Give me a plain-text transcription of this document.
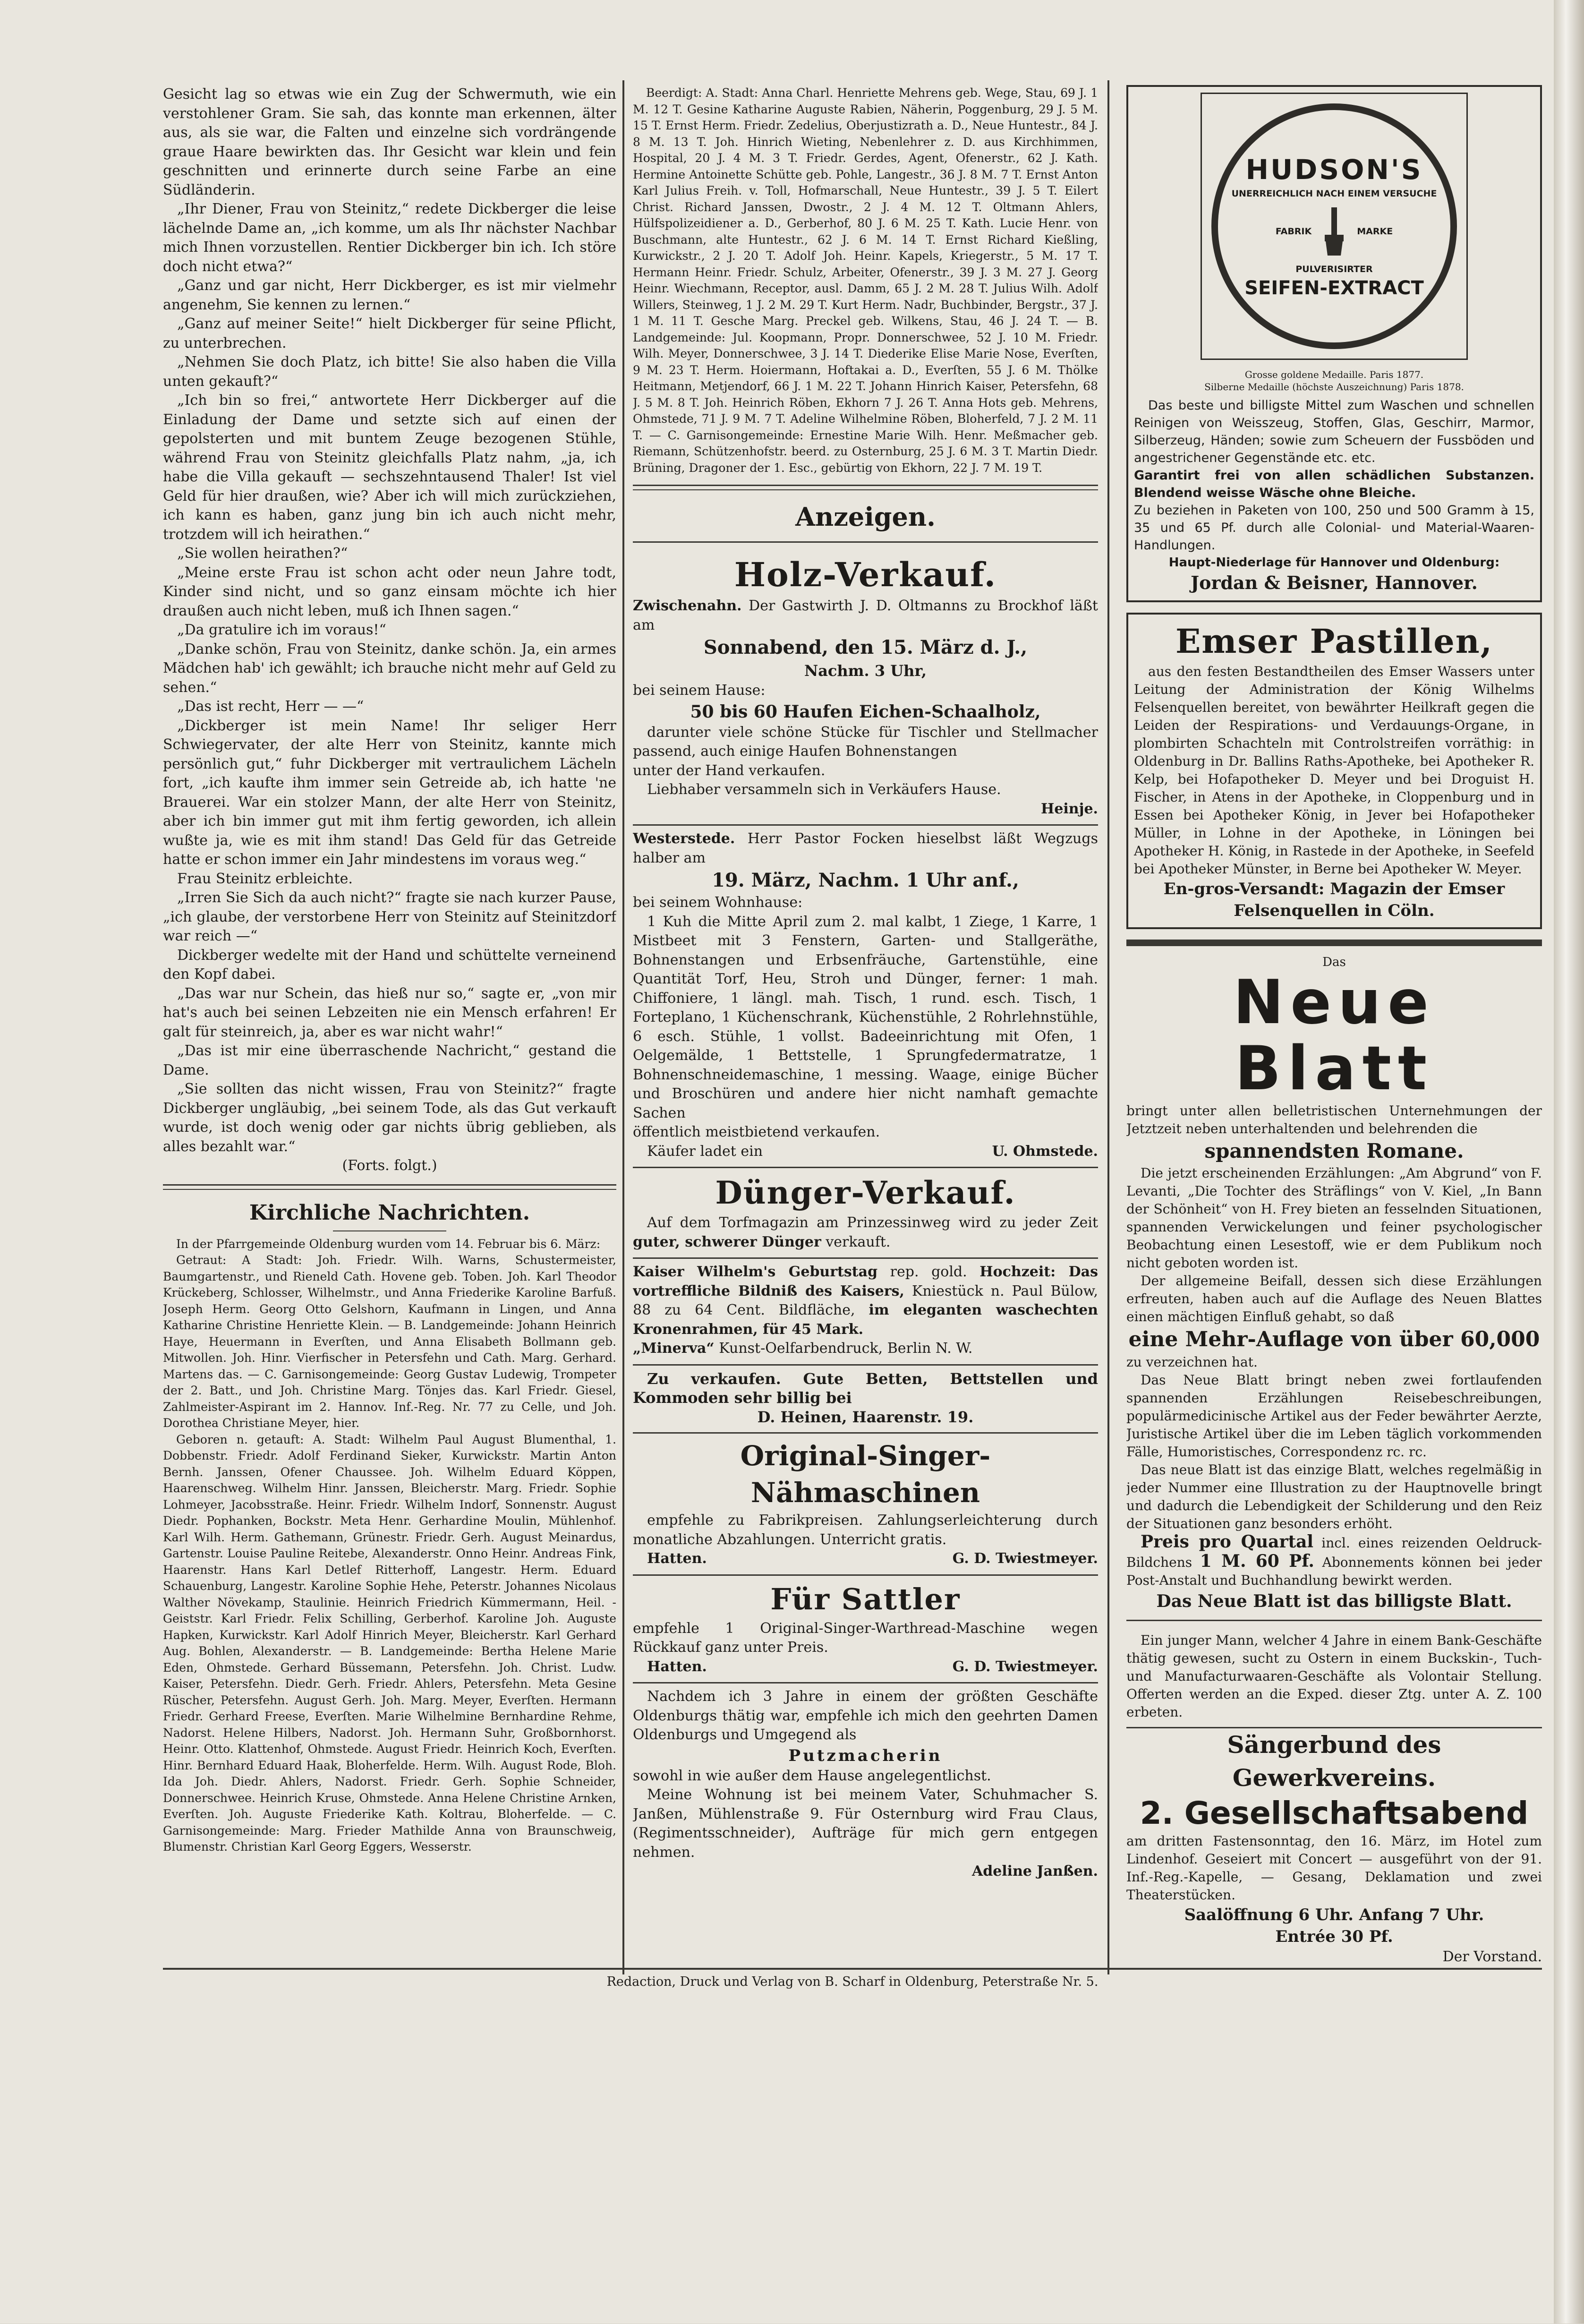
Gesicht lag so etwas wie ein Zug der Schwermuth, wie ein verstohlener Gram. Sie sah, das konnte man erkennen, älter aus, als sie war, die Falten und einzelne sich vordrängende graue Haare bewirkten das. Ihr Gesicht war klein und fein geschnitten und erinnerte durch seine Farbe an eine Südländerin.

„Ihr Diener, Frau von Steinitz,“ redete Dickberger die leise lächelnde Dame an, „ich komme, um als Ihr nächster Nachbar mich Ihnen vorzustellen. Rentier Dickberger bin ich. Ich störe doch nicht etwa?“

„Ganz und gar nicht, Herr Dickberger, es ist mir vielmehr angenehm, Sie kennen zu lernen.“

„Ganz auf meiner Seite!“ hielt Dickberger für seine Pflicht, zu unterbrechen.

„Nehmen Sie doch Platz, ich bitte! Sie also haben die Villa unten gekauft?“

„Ich bin so frei,“ antwortete Herr Dickberger auf die Einladung der Dame und setzte sich auf einen der gepolsterten und mit buntem Zeuge bezogenen Stühle, während Frau von Steinitz gleichfalls Platz nahm, „ja, ich habe die Villa gekauft — sechszehntausend Thaler! Ist viel Geld für hier draußen, wie? Aber ich will mich zurückziehen, ich kann es haben, ganz jung bin ich auch nicht mehr, trotzdem will ich heirathen.“

„Sie wollen heirathen?“

„Meine erste Frau ist schon acht oder neun Jahre todt, Kinder sind nicht, und so ganz einsam möchte ich hier draußen auch nicht leben, muß ich Ihnen sagen.“

„Da gratulire ich im voraus!“

„Danke schön, Frau von Steinitz, danke schön. Ja, ein armes Mädchen hab' ich gewählt; ich brauche nicht mehr auf Geld zu sehen.“

„Das ist recht, Herr — —“

„Dickberger ist mein Name! Ihr seliger Herr Schwiegervater, der alte Herr von Steinitz, kannte mich persönlich gut,“ fuhr Dickberger mit vertraulichem Lächeln fort, „ich kaufte ihm immer sein Getreide ab, ich hatte 'ne Brauerei. War ein stolzer Mann, der alte Herr von Steinitz, aber ich bin immer gut mit ihm fertig geworden, ich allein wußte ja, wie es mit ihm stand! Das Geld für das Getreide hatte er schon immer ein Jahr mindestens im voraus weg.“

Frau Steinitz erbleichte.

„Irren Sie Sich da auch nicht?“ fragte sie nach kurzer Pause, „ich glaube, der verstorbene Herr von Steinitz auf Steinitzdorf war reich —“

Dickberger wedelte mit der Hand und schüttelte verneinend den Kopf dabei.

„Das war nur Schein, das hieß nur so,“ sagte er, „von mir hat's auch bei seinen Lebzeiten nie ein Mensch erfahren! Er galt für steinreich, ja, aber es war nicht wahr!“

„Das ist mir eine überraschende Nachricht,“ gestand die Dame.

„Sie sollten das nicht wissen, Frau von Steinitz?“ fragte Dickberger ungläubig, „bei seinem Tode, als das Gut verkauft wurde, ist doch wenig oder gar nichts übrig geblieben, als alles bezahlt war.“

(Forts. folgt.)

Kirchliche Nachrichten.

In der Pfarrgemeinde Oldenburg wurden vom 14. Februar bis 6. März:

Getraut: A Stadt: Joh. Friedr. Wilh. Warns, Schustermeister, Baumgartenstr., und Rieneld Cath. Hovene geb. Toben. Joh. Karl Theodor Krückeberg, Schlosser, Wilhelmstr., und Anna Friederike Karoline Barfuß. Joseph Herm. Georg Otto Gelshorn, Kaufmann in Lingen, und Anna Katharine Christine Henriette Klein. — B. Landgemeinde: Johann Heinrich Haye, Heuermann in Everſten, und Anna Elisabeth Bollmann geb. Mitwollen. Joh. Hinr. Vierfischer in Petersfehn und Cath. Marg. Gerhard. Martens das. — C. Garnisongemeinde: Georg Gustav Ludewig, Trompeter der 2. Batt., und Joh. Christine Marg. Tönjes das. Karl Friedr. Giesel, Zahlmeister-Aspirant im 2. Hannov. Inf.-Reg. Nr. 77 zu Celle, und Joh. Dorothea Christiane Meyer, hier.

Geboren n. getauft: A. Stadt: Wilhelm Paul August Blumenthal, 1. Dobbenstr. Friedr. Adolf Ferdinand Sieker, Kurwickstr. Martin Anton Bernh. Janssen, Ofener Chaussee. Joh. Wilhelm Eduard Köppen, Haarenschweg. Wilhelm Hinr. Janssen, Bleicherstr. Marg. Friedr. Sophie Lohmeyer, Jacobsstraße. Heinr. Friedr. Wilhelm Indorf, Sonnenstr. August Diedr. Pophanken, Bockstr. Meta Henr. Gerhardine Moulin, Mühlenhof. Karl Wilh. Herm. Gathemann, Grünestr. Friedr. Gerh. August Meinardus, Gartenstr. Louise Pauline Reitebe, Alexanderstr. Onno Heinr. Andreas Fink, Haarenstr. Hans Karl Detlef Ritterhoff, Langestr. Herm. Eduard Schauenburg, Langestr. Karoline Sophie Hehe, Peterstr. Johannes Nicolaus Walther Növekamp, Staulinie. Heinrich Friedrich Kümmermann, Heil. - Geiststr. Karl Friedr. Felix Schilling, Gerberhof. Karoline Joh. Auguste Hapken, Kurwickstr. Karl Adolf Hinrich Meyer, Bleicherstr. Karl Gerhard Aug. Bohlen, Alexanderstr. — B. Landgemeinde: Bertha Helene Marie Eden, Ohmstede. Gerhard Büssemann, Petersfehn. Joh. Christ. Ludw. Kaiser, Petersfehn. Diedr. Gerh. Friedr. Ahlers, Petersfehn. Meta Gesine Rüscher, Petersfehn. August Gerh. Joh. Marg. Meyer, Everſten. Hermann Friedr. Gerhard Freese, Everſten. Marie Wilhelmine Bernhardine Rehme, Nadorst. Helene Hilbers, Nadorst. Joh. Hermann Suhr, Großbornhorst. Heinr. Otto. Klattenhof, Ohmstede. August Friedr. Heinrich Koch, Everſten. Hinr. Bernhard Eduard Haak, Bloherfelde. Herm. Wilh. August Rode, Bloh. Ida Joh. Diedr. Ahlers, Nadorst. Friedr. Gerh. Sophie Schneider, Donnerschwee. Heinrich Kruse, Ohmstede. Anna Helene Christine Arnken, Everſten. Joh. Auguste Friederike Kath. Koltrau, Bloherfelde. — C. Garnisongemeinde: Marg. Frieder Mathilde Anna von Braunschweig, Blumenstr. Christian Karl Georg Eggers, Wesserstr.

Beerdigt: A. Stadt: Anna Charl. Henriette Mehrens geb. Wege, Stau, 69 J. 1 M. 12 T. Gesine Katharine Auguste Rabien, Näherin, Poggenburg, 29 J. 5 M. 15 T. Ernst Herm. Friedr. Zedelius, Oberjustizrath a. D., Neue Huntestr., 84 J. 8 M. 13 T. Joh. Hinrich Wieting, Nebenlehrer z. D. aus Kirchhimmen, Hospital, 20 J. 4 M. 3 T. Friedr. Gerdes, Agent, Ofenerstr., 62 J. Kath. Hermine Antoinette Schütte geb. Pohle, Langestr., 36 J. 8 M. 7 T. Ernst Anton Karl Julius Freih. v. Toll, Hofmarschall, Neue Huntestr., 39 J. 5 T. Eilert Christ. Richard Janssen, Dwostr., 2 J. 4 M. 12 T. Oltmann Ahlers, Hülfspolizeidiener a. D., Gerberhof, 80 J. 6 M. 25 T. Kath. Lucie Henr. von Buschmann, alte Huntestr., 62 J. 6 M. 14 T. Ernst Richard Kießling, Kurwickstr., 2 J. 20 T. Adolf Joh. Heinr. Kapels, Kriegerstr., 5 M. 17 T. Hermann Heinr. Friedr. Schulz, Arbeiter, Ofenerstr., 39 J. 3 M. 27 J. Georg Heinr. Wiechmann, Receptor, ausl. Damm, 65 J. 2 M. 28 T. Julius Wilh. Adolf Willers, Steinweg, 1 J. 2 M. 29 T. Kurt Herm. Nadr, Buchbinder, Bergstr., 37 J. 1 M. 11 T. Gesche Marg. Preckel geb. Wilkens, Stau, 46 J. 24 T. — B. Landgemeinde: Jul. Koopmann, Propr. Donnerschwee, 52 J. 10 M. Friedr. Wilh. Meyer, Donnerschwee, 3 J. 14 T. Diederike Elise Marie Nose, Everſten, 9 M. 23 T. Herm. Hoiermann, Hoftakai a. D., Everſten, 55 J. 6 M. Thölke Heitmann, Metjendorf, 66 J. 1 M. 22 T. Johann Hinrich Kaiser, Petersfehn, 68 J. 5 M. 8 T. Joh. Heinrich Röben, Ekhorn 7 J. 26 T. Anna Hots geb. Mehrens, Ohmstede, 71 J. 9 M. 7 T. Adeline Wilhelmine Röben, Bloherfeld, 7 J. 2 M. 11 T. — C. Garnisongemeinde: Ernestine Marie Wilh. Henr. Meßmacher geb. Riemann, Schützenhofstr. beerd. zu Osternburg, 25 J. 6 M. 3 T. Martin Diedr. Brüning, Dragoner der 1. Esc., gebürtig von Ekhorn, 22 J. 7 M. 19 T.

Anzeigen.

Holz-Verkauf.

Zwischenahn. Der Gastwirth J. D. Oltmanns zu Brockhof läßt am

Sonnabend, den 15. März d. J.,

Nachm. 3 Uhr,

bei seinem Hause:

50 bis 60 Haufen Eichen-Schaalholz,

darunter viele schöne Stücke für Tischler und Stellmacher passend, auch einige Haufen Bohnenstangen

unter der Hand verkaufen.

Liebhaber versammeln sich in Verkäufers Hause.

Heinje.

Westerstede. Herr Pastor Focken hieselbst läßt Wegzugs halber am

19. März, Nachm. 1 Uhr anf.,

bei seinem Wohnhause:

1 Kuh die Mitte April zum 2. mal kalbt, 1 Ziege, 1 Karre, 1 Mistbeet mit 3 Fenstern, Garten- und Stallgeräthe, Bohnenstangen und Erbsenfräuche, Gartenstühle, eine Quantität Torf, Heu, Stroh und Dünger, ferner: 1 mah. Chiffoniere, 1 längl. mah. Tisch, 1 rund. esch. Tisch, 1 Forteplano, 1 Küchenschrank, Küchenstühle, 2 Rohrlehnstühle, 6 esch. Stühle, 1 vollst. Badeeinrichtung mit Ofen, 1 Oelgemälde, 1 Bettstelle, 1 Sprungfedermatratze, 1 Bohnenschneidemaschine, 1 messing. Waage, einige Bücher und Broschüren und andere hier nicht namhaft gemachte Sachen

öffentlich meistbietend verkaufen.

Käufer ladet ein	U. Ohmstede.

Dünger-Verkauf.

Auf dem Torfmagazin am Prinzessinweg wird zu jeder Zeit guter, schwerer Dünger verkauft.

Kaiser Wilhelm's Geburtstag rep. gold. Hochzeit: Das vortreffliche Bildniß des Kaisers, Kniestück n. Paul Bülow, 88 zu 64 Cent. Bildfläche, im eleganten waschechten Kronenrahmen, für 45 Mark.

„Minerva“ Kunst-Oelfarbendruck, Berlin N. W.

Zu verkaufen. Gute Betten, Bettstellen und Kommoden sehr billig bei

D. Heinen, Haarenstr. 19.

Original-Singer-Nähmaschinen

empfehle zu Fabrikpreisen. Zahlungserleichterung durch monatliche Abzahlungen. Unterricht gratis.

Hatten.	G. D. Twiestmeyer.

Für Sattler

empfehle 1 Original-Singer-Warthread-Maschine wegen Rückkauf ganz unter Preis.

Hatten.	G. D. Twiestmeyer.

Nachdem ich 3 Jahre in einem der größten Geschäfte Oldenburgs thätig war, empfehle ich mich den geehrten Damen Oldenburgs und Umgegend als

Putzmacherin

sowohl in wie außer dem Hause angelegentlichst.

Meine Wohnung ist bei meinem Vater, Schuhmacher S. Janßen, Mühlenstraße 9. Für Osternburg wird Frau Claus, (Regimentsschneider), Aufträge für mich gern entgegen nehmen.

Adeline Janßen.

HUDSON'S
UNERREICHLICH NACH EINEM VERSUCHE
FABRIK	MARKE
PULVERISIRTER
SEIFEN-EXTRACT

Grosse goldene Medaille. Paris 1877.

Silberne Medaille (höchste Auszeichnung) Paris 1878.

Das beste und billigste Mittel zum Waschen und schnellen Reinigen von Weisszeug, Stoffen, Glas, Geschirr, Marmor, Silberzeug, Händen; sowie zum Scheuern der Fussböden und angestrichener Gegenstände etc. etc.

Garantirt frei von allen schädlichen Substanzen. Blendend weisse Wäsche ohne Bleiche.

Zu beziehen in Paketen von 100, 250 und 500 Gramm à 15, 35 und 65 Pf. durch alle Colonial- und Material-Waaren-Handlungen.

Haupt-Niederlage für Hannover und Oldenburg:

Jordan & Beisner, Hannover.

Emser Pastillen,

aus den festen Bestandtheilen des Emser Wassers unter Leitung der Administration der König Wilhelms Felsenquellen bereitet, von bewährter Heilkraft gegen die Leiden der Respirations- und Verdauungs-Organe, in plombirten Schachteln mit Controlstreifen vorräthig: in Oldenburg in Dr. Ballins Raths-Apotheke, bei Apotheker R. Kelp, bei Hofapotheker D. Meyer und bei Droguist H. Fischer, in Atens in der Apotheke, in Cloppenburg und in Essen bei Apotheker König, in Jever bei Hofapotheker Müller, in Lohne in der Apotheke, in Löningen bei Apotheker H. König, in Rastede in der Apotheke, in Seefeld bei Apotheker Münster, in Berne bei Apotheker W. Meyer.

En-gros-Versandt: Magazin der Emser Felsenquellen in Cöln.

Das

Neue Blatt

bringt unter allen belletristischen Unternehmungen der Jetztzeit neben unterhaltenden und belehrenden die

spannendsten Romane.

Die jetzt erscheinenden Erzählungen: „Am Abgrund“ von F. Levanti, „Die Tochter des Sträflings“ von V. Kiel, „In Bann der Schönheit“ von H. Frey bieten an fesselnden Situationen, spannenden Verwickelungen und feiner psychologischer Beobachtung einen Lesestoff, wie er dem Publikum noch nicht geboten worden ist.

Der allgemeine Beifall, dessen sich diese Erzählungen erfreuten, haben auch auf die Auflage des Neuen Blattes einen mächtigen Einfluß gehabt, so daß

eine Mehr-Auflage von über 60,000

zu verzeichnen hat.

Das Neue Blatt bringt neben zwei fortlaufenden spannenden Erzählungen Reisebeschreibungen, populärmedicinische Artikel aus der Feder bewährter Aerzte, Juristische Artikel über die im Leben täglich vorkommenden Fälle, Humoristisches, Correspondenz rc. rc.

Das neue Blatt ist das einzige Blatt, welches regelmäßig in jeder Nummer eine Illustration zu der Hauptnovelle bringt und dadurch die Lebendigkeit der Schilderung und den Reiz der Situationen ganz besonders erhöht.

Preis pro Quartal incl. eines reizenden Oeldruck-Bildchens 1 M. 60 Pf. Abonnements können bei jeder Post-Anstalt und Buchhandlung bewirkt werden.

Das Neue Blatt ist das billigste Blatt.

Ein junger Mann, welcher 4 Jahre in einem Bank-Geschäfte thätig gewesen, sucht zu Ostern in einem Buckskin-, Tuch- und Manufacturwaaren-Geschäfte als Volontair Stellung. Offerten werden an die Exped. dieser Ztg. unter A. Z. 100 erbeten.

Sängerbund des Gewerkvereins.

2. Gesellschaftsabend

am dritten Fastensonntag, den 16. März, im Hotel zum Lindenhof. Geseiert mit Concert — ausgeführt von der 91. Inf.-Reg.-Kapelle, — Gesang, Deklamation und zwei Theaterstücken.

Saalöffnung 6 Uhr. Anfang 7 Uhr.

Entrée 30 Pf.

Der Vorstand.

Redaction, Druck und Verlag von B. Scharf in Oldenburg, Peterstraße Nr. 5.
